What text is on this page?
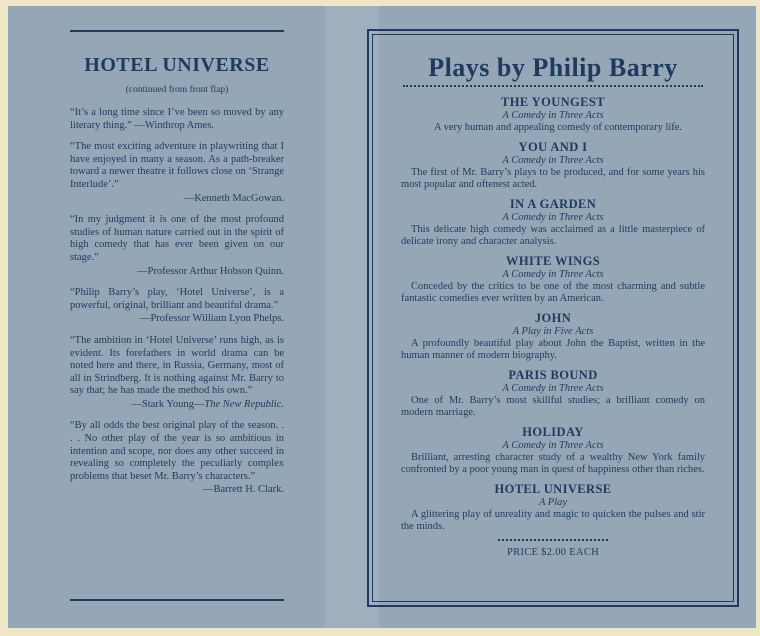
HOTEL UNIVERSE
(continued from front flap)

“It’s a long time since I’ve been so moved by any literary thing.” —Winthrop Ames.

“The most exciting adventure in playwriting that I have enjoyed in many a season. As a path-breaker toward a newer theatre it follows close on ‘Strange Interlude’.”

—Kenneth MacGowan.

“In my judgment it is one of the most profound studies of human nature carried out in the spirit of high comedy that has ever been given on our stage.”

—Professor Arthur Hobson Quinn.

“Philip Barry’s play, ‘Hotel Universe’, is a powerful, original, brilliant and beautiful drama.”

—Professor William Lyon Phelps.

“The ambition in ‘Hotel Universe’ runs high, as is evident. Its forefathers in world drama can be noted here and there, in Russia, Germany, most of all in Strindberg. It is nothing against Mr. Barry to say that; he has made the method his own.”

—Stark Young—The New Republic.

“By all odds the best original play of the season. . . . No other play of the year is so ambitious in intention and scope, nor does any other succeed in revealing so completely the peculiarly complex problems that beset Mr. Barry’s characters.”

—Barrett H. Clark.

Plays by Philip Barry
THE YOUNGEST
A Comedy in Three Acts
A very human and appealing comedy of contemporary life.
YOU AND I
A Comedy in Three Acts
The first of Mr. Barry’s plays to be produced, and for some years his most popular and oftenest acted.
IN A GARDEN
A Comedy in Three Acts
This delicate high comedy was acclaimed as a little masterpiece of delicate irony and character analysis.
WHITE WINGS
A Comedy in Three Acts
Conceded by the critics to be one of the most charming and subtle fantastic comedies ever written by an American.
JOHN
A Play in Five Acts
A profoundly beautiful play about John the Baptist, written in the human manner of modern biography.
PARIS BOUND
A Comedy in Three Acts
One of Mr. Barry’s most skillful studies; a brilliant comedy on modern marriage.
HOLIDAY
A Comedy in Three Acts
Brilliant, arresting character study of a wealthy New York family confronted by a poor young man in quest of happiness other than riches.
HOTEL UNIVERSE
A Play
A glittering play of unreality and magic to quicken the pulses and stir the minds.
PRICE $2.00 EACH
